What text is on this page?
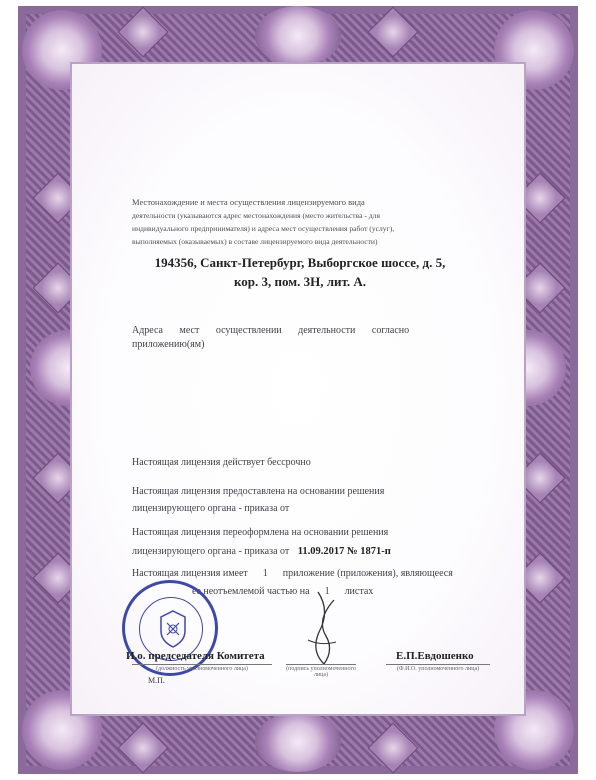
Местонахождение и места осуществления лицензируемого вида
деятельности (указываются адрес местонахождения (место жительства - для
индивидуального предпринимателя) и адреса мест осуществления работ (услуг),
выполняемых (оказываемых) в составе лицензируемого вида деятельности)
194356, Санкт-Петербург, Выборгское шоссе, д. 5,
кор. 3, пом. 3Н, лит. А.
Адреса мест осуществлении деятельности согласно
приложению(ям)
Настоящая лицензия действует бессрочно
Настоящая лицензия предоставлена на основании решения
лицензирующего органа - приказа от
Настоящая лицензия переоформлена на основании решения
лицензирующего органа - приказа от 11.09.2017 № 1871-п
Настоящая лицензия имеет 1 приложение (приложения), являющееся
ее неотъемлемой частью на 1 листах
И.о. председателя Комитета
(должность уполномоченного лица)	(подпись уполномоченного лица)
Е.П.Евдошенко
(Ф.И.О. уполномоченного лица)
М.П.
